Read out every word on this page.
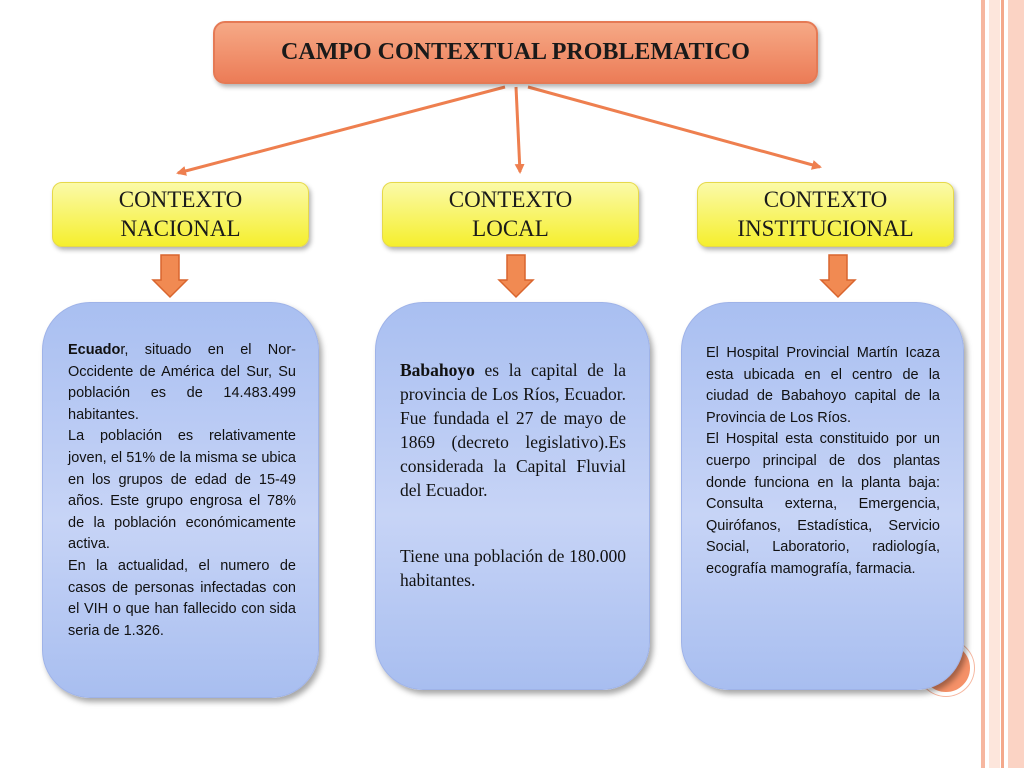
CAMPO CONTEXTUAL PROBLEMATICO
CONTEXTO
NACIONAL
CONTEXTO
LOCAL
CONTEXTO
INSTITUCIONAL
Ecuador, situado en el Nor-Occidente de América del Sur, Su población es de 14.483.499 habitantes.
La población es relativamente joven, el 51% de la misma se ubica en los grupos de edad de 15-49 años. Este grupo engrosa el 78% de la población económicamente activa.
En la actualidad, el numero de casos de personas infectadas con el VIH o que han fallecido con sida seria de 1.326.
Babahoyo es la capital de la provincia de Los Ríos, Ecuador. Fue fundada el 27 de mayo de 1869 (decreto legislativo).Es considerada la Capital Fluvial del Ecuador.
Tiene una población de 180.000 habitantes.
El Hospital Provincial Martín Icaza esta ubicada en el centro de la ciudad de Babahoyo capital de la Provincia de Los Ríos.
El Hospital esta constituido por un cuerpo principal de dos plantas donde funciona en la planta baja: Consulta externa, Emergencia, Quirófanos, Estadística, Servicio Social, Laboratorio, radiología, ecografía mamografía, farmacia.
